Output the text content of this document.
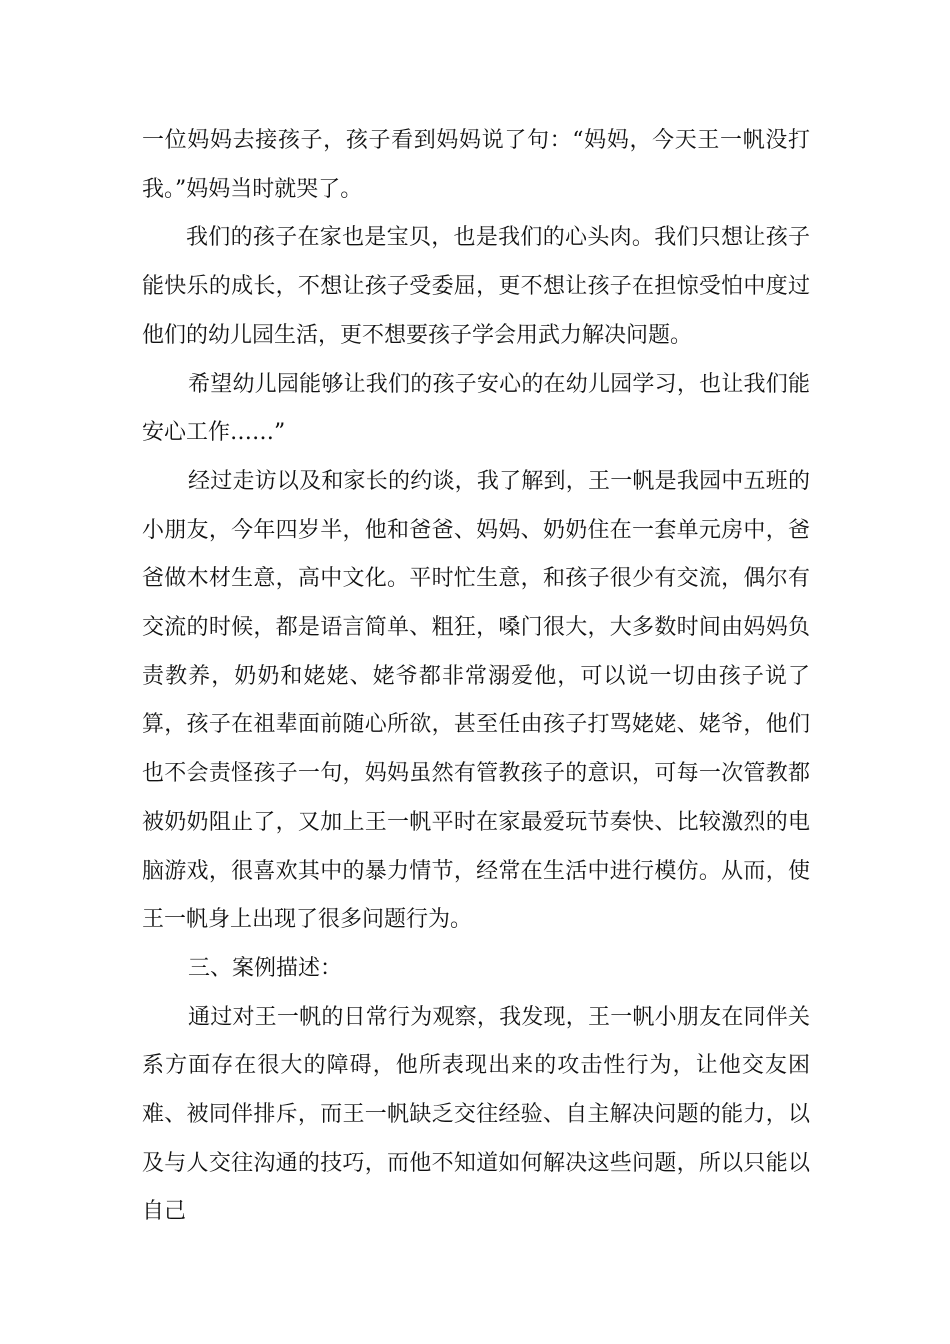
一位妈妈去接孩子，孩子看到妈妈说了句：“妈妈，今天王一帆没打我。”妈妈当时就哭了。

我们的孩子在家也是宝贝，也是我们的心头肉。我们只想让孩子能快乐的成长，不想让孩子受委屈，更不想让孩子在担惊受怕中度过他们的幼儿园生活，更不想要孩子学会用武力解决问题。

希望幼儿园能够让我们的孩子安心的在幼儿园学习，也让我们能安心工作……”

经过走访以及和家长的约谈，我了解到，王一帆是我园中五班的小朋友，今年四岁半，他和爸爸、妈妈、奶奶住在一套单元房中，爸爸做木材生意，高中文化。平时忙生意，和孩子很少有交流，偶尔有交流的时候，都是语言简单、粗狂，嗓门很大，大多数时间由妈妈负责教养，奶奶和姥姥、姥爷都非常溺爱他，可以说一切由孩子说了算，孩子在祖辈面前随心所欲，甚至任由孩子打骂姥姥、姥爷，他们也不会责怪孩子一句，妈妈虽然有管教孩子的意识，可每一次管教都被奶奶阻止了，又加上王一帆平时在家最爱玩节奏快、比较激烈的电脑游戏，很喜欢其中的暴力情节，经常在生活中进行模仿。从而，使王一帆身上出现了很多问题行为。

三、案例描述：

通过对王一帆的日常行为观察，我发现，王一帆小朋友在同伴关系方面存在很大的障碍，他所表现出来的攻击性行为，让他交友困难、被同伴排斥，而王一帆缺乏交往经验、自主解决问题的能力，以及与人交往沟通的技巧，而他不知道如何解决这些问题，所以只能以自己
